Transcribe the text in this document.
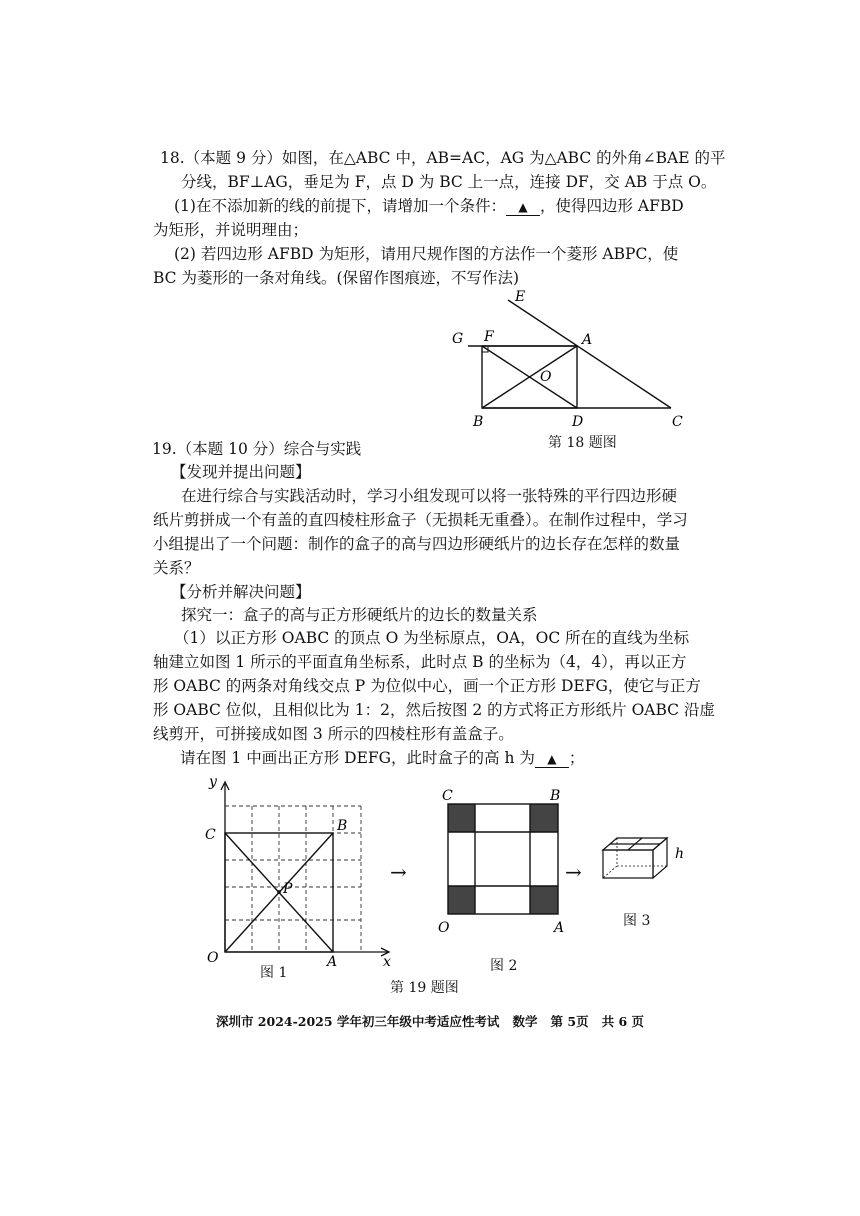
18.（本题 9 分）如图，在△ABC 中，AB=AC，AG 为△ABC 的外角∠BAE 的平
分线，BF⊥AG，垂足为 F，点 D 为 BC 上一点，连接 DF，交 AB 于点 O。
(1)在不添加新的线的前提下，请增加一个条件： ▲ ，使得四边形 AFBD
为矩形，并说明理由；
(2) 若四边形 AFBD 为矩形，请用尺规作图的方法作一个菱形 ABPC，使
BC 为菱形的一条对角线。(保留作图痕迹，不写作法)
E
G F	A
O
B	D	C
第 18 题图
19.（本题 10 分）综合与实践
【发现并提出问题】
在进行综合与实践活动时，学习小组发现可以将一张特殊的平行四边形硬
纸片剪拼成一个有盖的直四棱柱形盒子（无损耗无重叠）。在制作过程中，学习
小组提出了一个问题：制作的盒子的高与四边形硬纸片的边长存在怎样的数量
关系？
【分析并解决问题】
探究一：盒子的高与正方形硬纸片的边长的数量关系
（1）以正方形 OABC 的顶点 O 为坐标原点，OA，OC 所在的直线为坐标
轴建立如图 1 所示的平面直角坐标系，此时点 B 的坐标为（4，4），再以正方
形 OABC 的两条对角线交点 P 为位似中心，画一个正方形 DEFG，使它与正方
形 OABC 位似，且相似比为 1：2，然后按图 2 的方式将正方形纸片 OABC 沿虚
线剪开，可拼接成如图 3 所示的四棱柱形有盖盒子。
请在图 1 中画出正方形 DEFG，此时盒子的高 h 为 ▲ ；
y
x
C
B
P
O	A
图 1
→
C	B
O	A
图 2
→
h
图 3
第 19 题图
深圳市 2024-2025 学年初三年级中考适应性考试   数学   第 5页   共 6 页
